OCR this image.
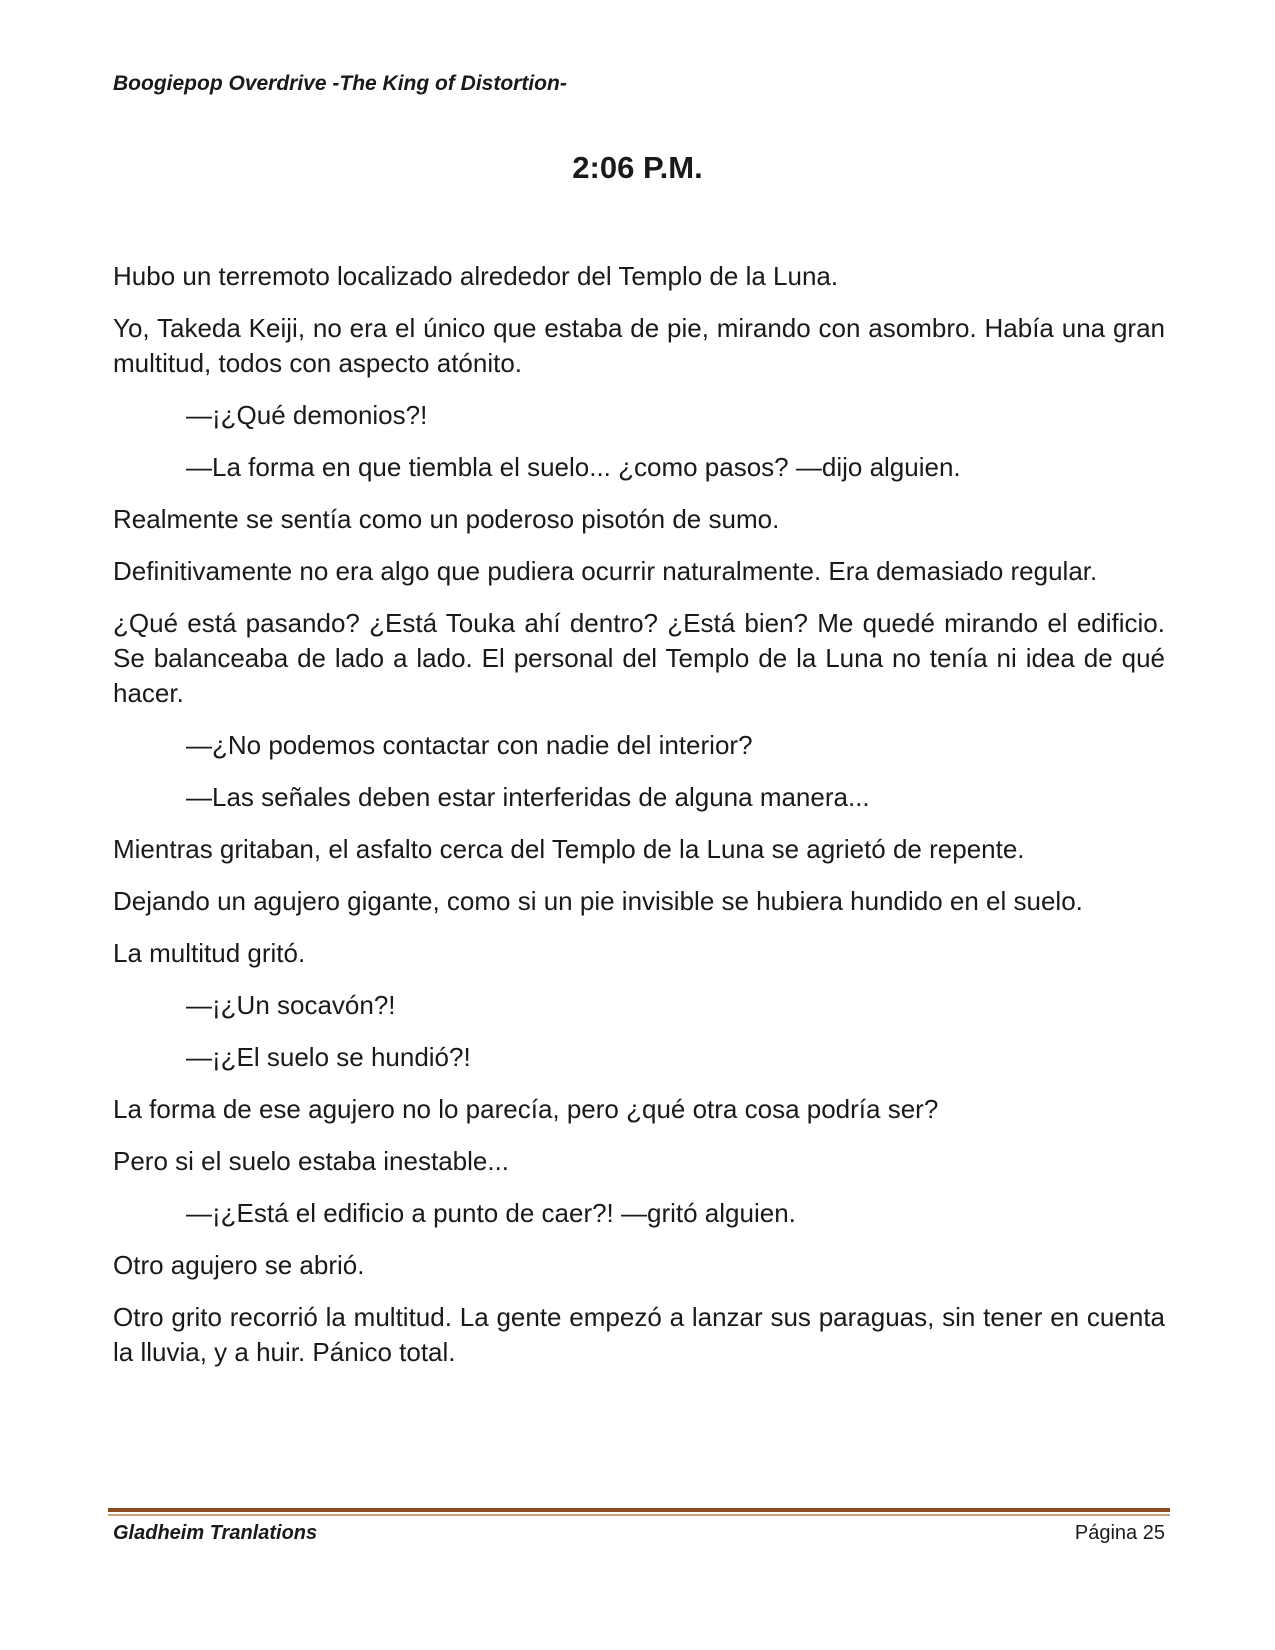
Boogiepop Overdrive -The King of Distortion-
2:06 P.M.

Hubo un terremoto localizado alrededor del Templo de la Luna.

Yo, Takeda Keiji, no era el único que estaba de pie, mirando con asombro. Había una gran multitud, todos con aspecto atónito.

—¡¿Qué demonios?!

—La forma en que tiembla el suelo... ¿como pasos? —dijo alguien.

Realmente se sentía como un poderoso pisotón de sumo.

Definitivamente no era algo que pudiera ocurrir naturalmente. Era demasiado regular.

¿Qué está pasando? ¿Está Touka ahí dentro? ¿Está bien? Me quedé mirando el edificio. Se balanceaba de lado a lado. El personal del Templo de la Luna no tenía ni idea de qué hacer.

—¿No podemos contactar con nadie del interior?

—Las señales deben estar interferidas de alguna manera...

Mientras gritaban, el asfalto cerca del Templo de la Luna se agrietó de repente.

Dejando un agujero gigante, como si un pie invisible se hubiera hundido en el suelo.

La multitud gritó.

—¡¿Un socavón?!

—¡¿El suelo se hundió?!

La forma de ese agujero no lo parecía, pero ¿qué otra cosa podría ser?

Pero si el suelo estaba inestable...

—¡¿Está el edificio a punto de caer?! —gritó alguien.

Otro agujero se abrió.

Otro grito recorrió la multitud. La gente empezó a lanzar sus paraguas, sin tener en cuenta la lluvia, y a huir. Pánico total.

Gladheim Tranlations	Página 25
